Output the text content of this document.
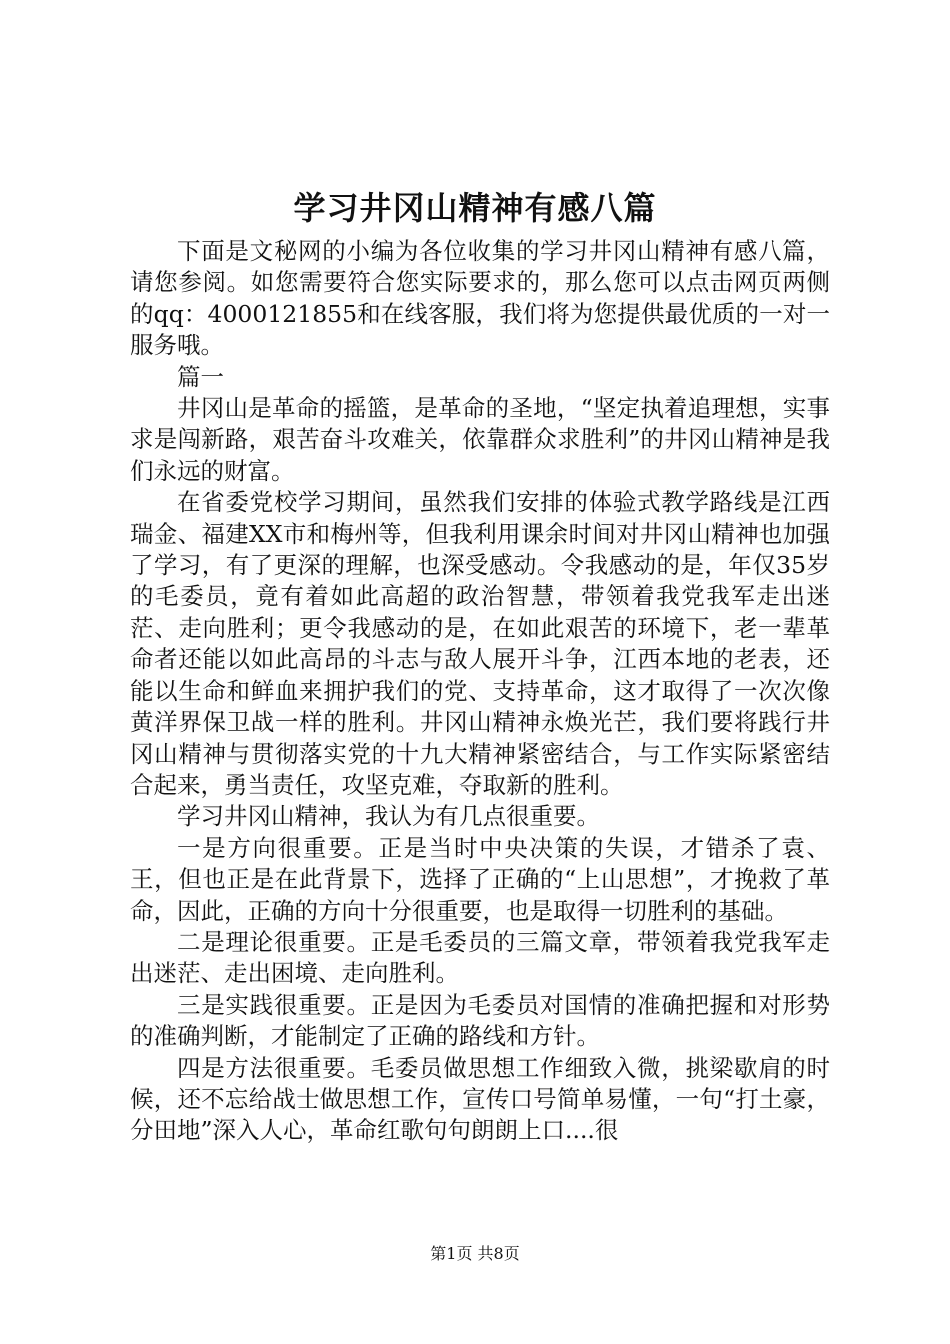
学习井冈山精神有感八篇

下面是文秘网的小编为各位收集的学习井冈山精神有感八篇，请您参阅。如您需要符合您实际要求的，那么您可以点击网页两侧的qq：4000121855和在线客服，我们将为您提供最优质的一对一服务哦。

篇一

井冈山是革命的摇篮，是革命的圣地，“坚定执着追理想，实事求是闯新路，艰苦奋斗攻难关，依靠群众求胜利”的井冈山精神是我们永远的财富。

在省委党校学习期间，虽然我们安排的体验式教学路线是江西瑞金、福建XX市和梅州等，但我利用课余时间对井冈山精神也加强了学习，有了更深的理解，也深受感动。令我感动的是，年仅35岁的毛委员，竟有着如此高超的政治智慧，带领着我党我军走出迷茫、走向胜利；更令我感动的是，在如此艰苦的环境下，老一辈革命者还能以如此高昂的斗志与敌人展开斗争，江西本地的老表，还能以生命和鲜血来拥护我们的党、支持革命，这才取得了一次次像黄洋界保卫战一样的胜利。井冈山精神永焕光芒，我们要将践行井冈山精神与贯彻落实党的十九大精神紧密结合，与工作实际紧密结合起来，勇当责任，攻坚克难，夺取新的胜利。

学习井冈山精神，我认为有几点很重要。

一是方向很重要。正是当时中央决策的失误，才错杀了袁、王，但也正是在此背景下，选择了正确的“上山思想”，才挽救了革命，因此，正确的方向十分很重要，也是取得一切胜利的基础。

二是理论很重要。正是毛委员的三篇文章，带领着我党我军走出迷茫、走出困境、走向胜利。

三是实践很重要。正是因为毛委员对国情的准确把握和对形势的准确判断，才能制定了正确的路线和方针。

四是方法很重要。毛委员做思想工作细致入微，挑梁歇肩的时候，还不忘给战士做思想工作，宣传口号简单易懂，一句“打土豪，分田地”深入人心，革命红歌句句朗朗上口....很

第1页 共8页
